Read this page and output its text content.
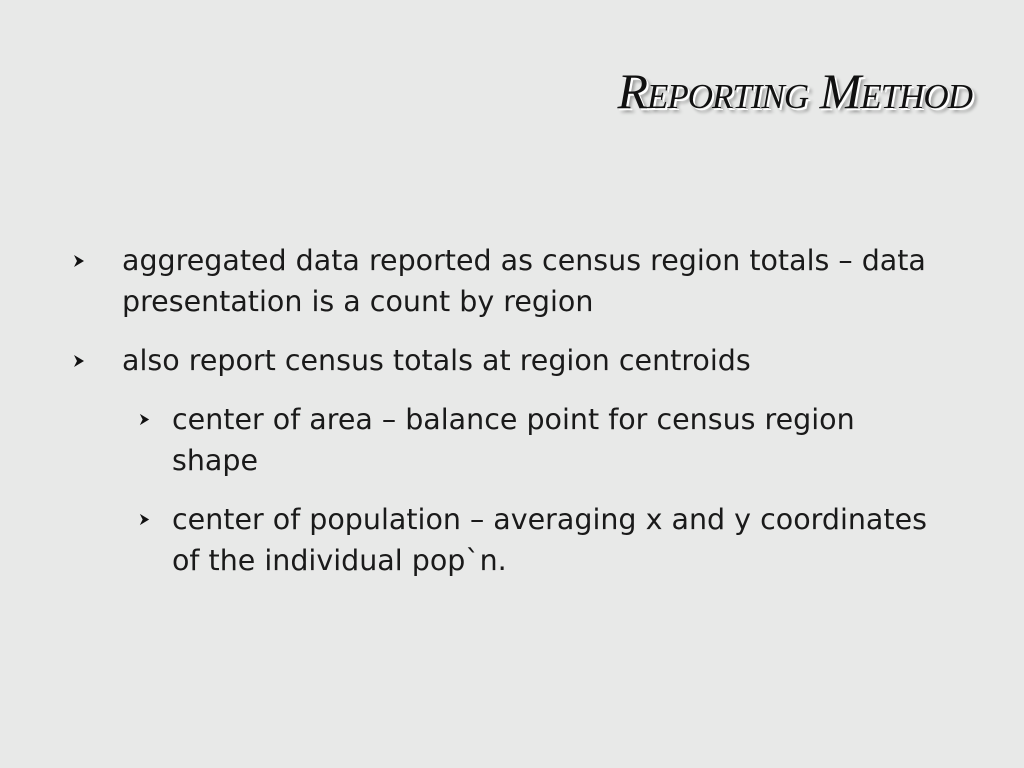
Reporting Method
aggregated data reported as census region totals – data presentation is a count by region
also report census totals at region centroids
center of area – balance point for census region shape
center of population – averaging x and y coordinates of the individual pop`n.
